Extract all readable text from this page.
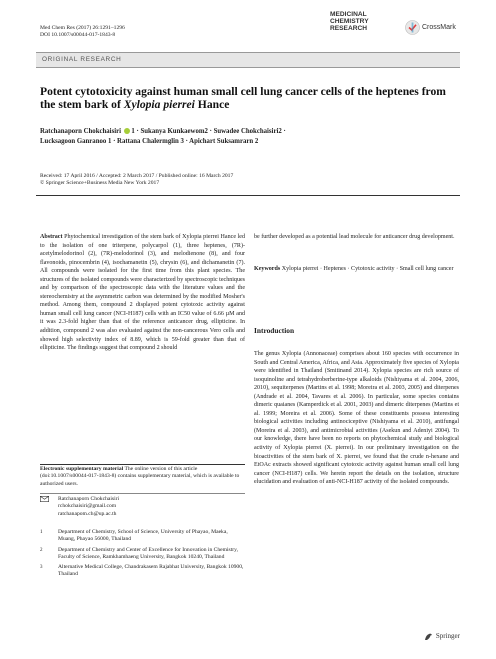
Med Chem Res (2017) 26:1291–1296
DOI 10.1007/s00044-017-1843-8
MEDICINAL
CHEMISTRY
RESEARCH	CrossMark
ORIGINAL RESEARCH
Potent cytotoxicity against human small cell lung cancer cells of the heptenes from the stem bark of Xylopia pierrei Hance
Ratchanaporn Chokchaisiri  1 · Sukanya Kunkaewom2 · Suwadee Chokchaisiri2 ·
Lucksagoon Ganranoo 1 · Rattana Chalermglin 3 · Apichart Suksamrarn 2
Received: 17 April 2016 / Accepted: 2 March 2017 / Published online: 16 March 2017
© Springer Science+Business Media New York 2017

Abstract Phytochemical investigation of the stem bark of Xylopia pierrei Hance led to the isolation of one triterpene, polycarpol (1), three heptenes, (7R)-acetylmelodorinol (2), (7R)-melodorinol (3), and melodienone (8), and four flavonoids, pinocembrin (4), isochamanetin (5), chrysin (6), and dichamanetin (7). All compounds were isolated for the first time from this plant species. The structures of the isolated compounds were characterized by spectroscopic techniques and by comparison of the spectroscopic data with the literature values and the stereochemistry at the asymmetric carbon was determined by the modified Mosher's method. Among them, compound 2 displayed potent cytotoxic activity against human small cell lung cancer (NCI-H187) cells with an IC50 value of 6.66 µM and it was 2.3-fold higher than that of the reference anticancer drug, ellipticine. In addition, compound 2 was also evaluated against the non-cancerous Vero cells and showed high selectivity index of 8.89, which is 59-fold greater than that of ellipticine. The findings suggest that compound 2 should

be further developed as a potential lead molecule for anticancer drug development.

Keywords Xylopia pierrei · Heptenes · Cytotoxic activity · Small cell lung cancer

Introduction

The genus Xylopia (Annonaceae) comprises about 160 species with occurrence in South and Central America, Africa, and Asia. Approximately five species of Xylopia were identified in Thailand (Smitinand 2014). Xylopia species are rich source of isoquinoline and tetrahydroberberine-type alkaloids (Nishiyama et al. 2004, 2006, 2010), sequiterpenes (Martins et al. 1998; Moreira et al. 2003, 2005) and diterpenes (Andrade et al. 2004, Tavares et al. 2006). In particular, some species contains dimeric quaianes (Kamperdick et al. 2001, 2003) and dimeric diterpenes (Martins et al. 1999; Moreira et al. 2006). Some of these constituents possess interesting biological activities including antinociceptive (Nishiyama et al. 2010), antifungal (Moreira et al. 2003), and antimicrobial activities (Asekun and Adeniyi 2004). To our knowledge, there have been no reports on phytochemical study and biological activity of Xylopia pierrei (X. pierrei). In our preliminary investigation on the bioactivities of the stem bark of X. pierrei, we found that the crude n-hexane and EtOAc extracts showed significant cytotoxic activity against human small cell lung cancer (NCI-H187) cells. We herein report the details on the isolation, structure elucidation and evaluation of anti-NCI-H187 activity of the isolated compounds.

Electronic supplementary material The online version of this article (doi:10.1007/s00044-017-1843-8) contains supplementary material, which is available to authorized users.

Ratchanaporn Chokchaisiri
rchokchaisiri@gmail.com
ratchanapom.ch@up.ac.th
1	Department of Chemistry, School of Science, University of Phayao, Maeka, Muang, Phayao 56000, Thailand
2	Department of Chemistry and Center of Excellence for Innovation in Chemistry, Faculty of Science, Ramkhamhaeng University, Bangkok 10240, Thailand
3	Alternative Medical College, Chandrakasem Rajabhat University, Bangkok 10900, Thailand
Springer
